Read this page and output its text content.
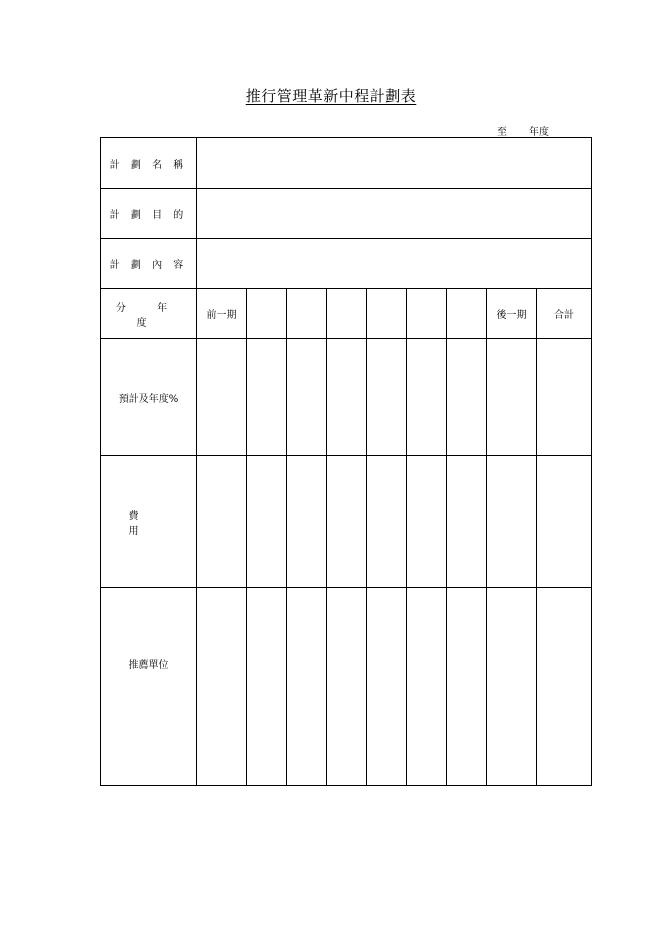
推行管理革新中程計劃表
至 年度
計 劃 名 稱									
計 劃 目 的									
計 劃 內 容									
分 年 度	前一期							後一期	合計
預計及年度%									
費 用									
推薦單位									
